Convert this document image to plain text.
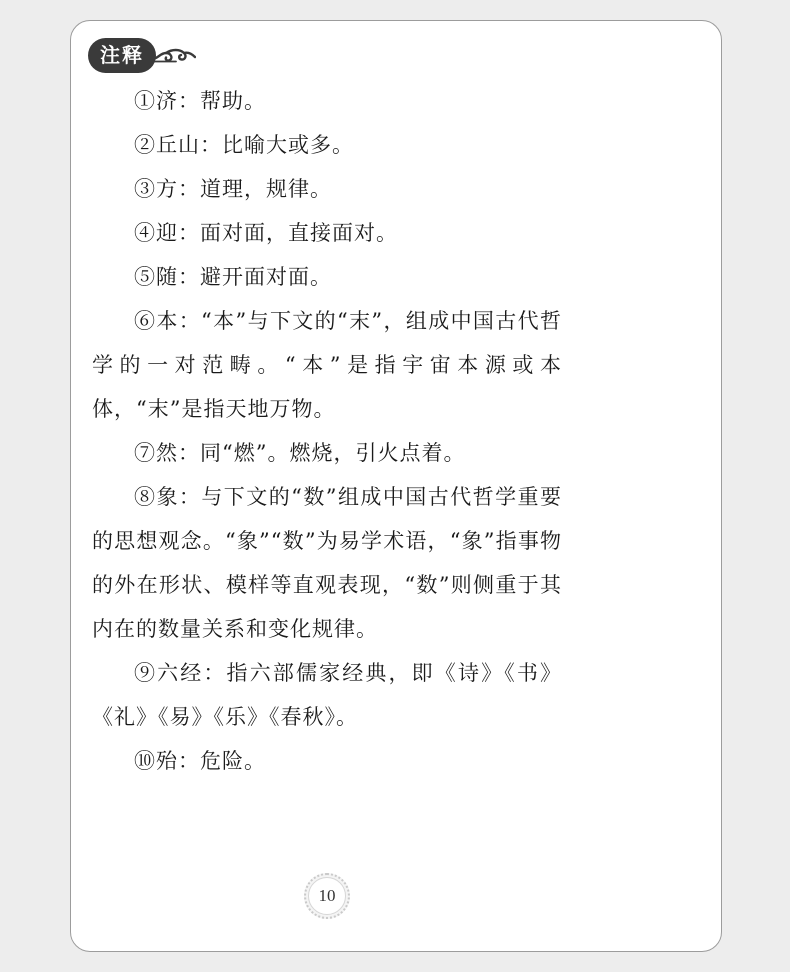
注释

①济：帮助。

②丘山：比喻大或多。

③方：道理，规律。

④迎：面对面，直接面对。

⑤随：避开面对面。

⑥本：“本”与下文的“末”，组成中国古代哲学的一对范畴。“本”是指宇宙本源或本体，“末”是指天地万物。

⑦然：同“燃”。燃烧，引火点着。

⑧象：与下文的“数”组成中国古代哲学重要的思想观念。“象”“数”为易学术语，“象”指事物的外在形状、模样等直观表现，“数”则侧重于其内在的数量关系和变化规律。

⑨六经：指六部儒家经典，即《诗》《书》《礼》《易》《乐》《春秋》。

⑩殆：危险。

10
